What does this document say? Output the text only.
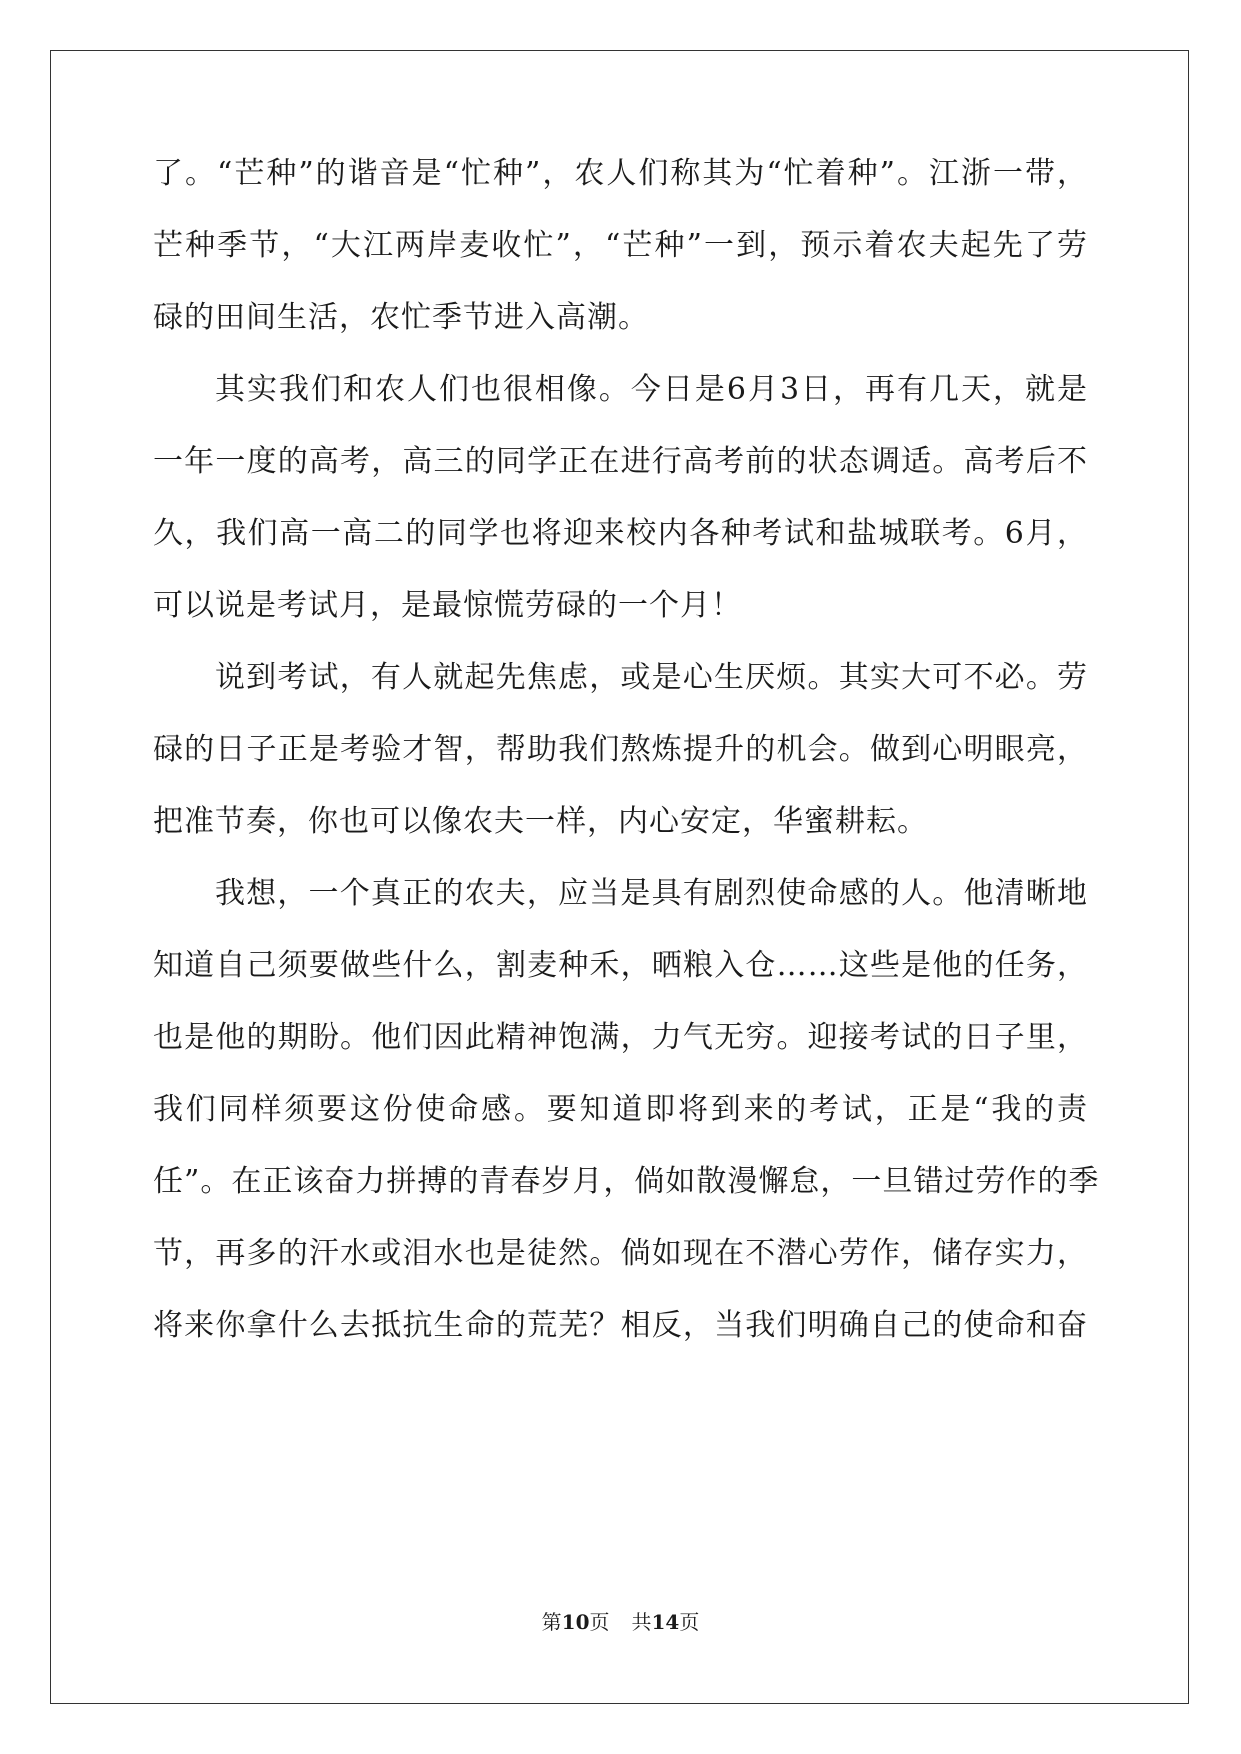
了。“芒种”的谐音是“忙种”，农人们称其为“忙着种”。江浙一带，
芒种季节，“大江两岸麦收忙”，“芒种”一到，预示着农夫起先了劳
碌的田间生活，农忙季节进入高潮。
其实我们和农人们也很相像。今日是6月3日，再有几天，就是
一年一度的高考，高三的同学正在进行高考前的状态调适。高考后不
久，我们高一高二的同学也将迎来校内各种考试和盐城联考。6月，
可以说是考试月，是最惊慌劳碌的一个月！
说到考试，有人就起先焦虑，或是心生厌烦。其实大可不必。劳
碌的日子正是考验才智，帮助我们熬炼提升的机会。做到心明眼亮，
把准节奏，你也可以像农夫一样，内心安定，华蜜耕耘。
我想，一个真正的农夫，应当是具有剧烈使命感的人。他清晰地
知道自己须要做些什么，割麦种禾，晒粮入仓……这些是他的任务，
也是他的期盼。他们因此精神饱满，力气无穷。迎接考试的日子里，
我们同样须要这份使命感。要知道即将到来的考试，正是“我的责
任”。在正该奋力拼搏的青春岁月，倘如散漫懈怠，一旦错过劳作的季
节，再多的汗水或泪水也是徒然。倘如现在不潜心劳作，储存实力，
将来你拿什么去抵抗生命的荒芜？相反，当我们明确自己的使命和奋
第10页 共14页
